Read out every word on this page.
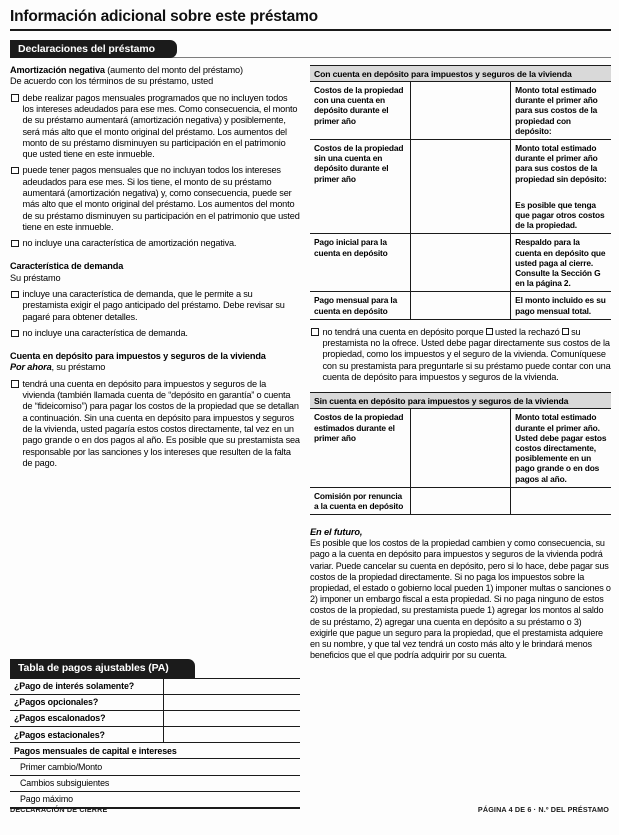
Información adicional sobre este préstamo
Declaraciones del préstamo
Amortización negativa (aumento del monto del préstamo)
De acuerdo con los términos de su préstamo, usted
debe realizar pagos mensuales programados que no incluyen todos los intereses adeudados para ese mes. Como consecuencia, el monto de su préstamo aumentará (amortización negativa) y posiblemente, será más alto que el monto original del préstamo. Los aumentos del monto de su préstamo disminuyen su participación en el patrimonio que usted tiene en este inmueble.
puede tener pagos mensuales que no incluyan todos los intereses adeudados para ese mes. Si los tiene, el monto de su préstamo aumentará (amortización negativa) y, como consecuencia, puede ser más alto que el monto original del préstamo. Los aumentos del monto de su préstamo disminuyen su participación en el patrimonio que usted tiene en este inmueble.
no incluye una característica de amortización negativa.
Característica de demanda
Su préstamo
incluye una característica de demanda, que le permite a su prestamista exigir el pago anticipado del préstamo. Debe revisar su pagaré para obtener detalles.
no incluye una característica de demanda.
Cuenta en depósito para impuestos y seguros de la vivienda
Por ahora, su préstamo
tendrá una cuenta en depósito para impuestos y seguros de la vivienda (también llamada cuenta de “depósito en garantía” o cuenta de “fideicomiso”) para pagar los costos de la propiedad que se detallan a continuación. Sin una cuenta en depósito para impuestos y seguros de la vivienda, usted pagaría estos costos directamente, tal vez en un pago grande o en dos pagos al año. Es posible que su prestamista sea responsable por las sanciones y los intereses que resulten de la falta de pago.
Con cuenta en depósito para impuestos y seguros de la vivienda		
Costos de la propiedad con una cuenta en depósito durante el primer año		Monto total estimado durante el primer año para sus costos de la propiedad con depósito:
Costos de la propiedad sin una cuenta en depósito durante el primer año		Monto total estimado durante el primer año para sus costos de la propiedad sin depósito:
Es posible que tenga que pagar otros costos de la propiedad.
Pago inicial para la cuenta en depósito		Respaldo para la cuenta en depósito que usted paga al cierre. Consulte la Sección G en la página 2.
Pago mensual para la cuenta en depósito		El monto incluido es su pago mensual total.
no tendrá una cuenta en depósito porque usted la rechazó su prestamista no la ofrece. Usted debe pagar directamente sus costos de la propiedad, como los impuestos y el seguro de la vivienda. Comuníquese con su prestamista para preguntarle si su préstamo puede contar con una cuenta de depósito para impuestos y seguros de la vivienda.
Sin cuenta en depósito para impuestos y seguros de la vivienda		
Costos de la propiedad estimados durante el primer año		Monto total estimado durante el primer año. Usted debe pagar estos costos directamente, posiblemente en un pago grande o en dos pagos al año.
Comisión por renuncia a la cuenta en depósito		
En el futuro,
Es posible que los costos de la propiedad cambien y como consecuencia, su pago a la cuenta en depósito para impuestos y seguros de la vivienda podrá variar. Puede cancelar su cuenta en depósito, pero si lo hace, debe pagar sus costos de la propiedad directamente. Si no paga los impuestos sobre la propiedad, el estado o gobierno local pueden 1) imponer multas o sanciones o 2) imponer un embargo fiscal a esta propiedad. Si no paga ninguno de estos costos de la propiedad, su prestamista puede 1) agregar los montos al saldo de su préstamo, 2) agregar una cuenta en depósito a su préstamo o 3) exigirle que pague un seguro para la propiedad, que el prestamista adquiere en su nombre, y que tal vez tendrá un costo más alto y le brindará menos beneficios que el que podría adquirir por su cuenta.
Tabla de pagos ajustables (PA)
¿Pago de interés solamente?	
¿Pagos opcionales?	
¿Pagos escalonados?	
¿Pagos estacionales?	
Pagos mensuales de capital e intereses	
Primer cambio/Monto	
Cambios subsiguientes	
Pago máximo	
DECLARACIÓN DE CIERRE	PÁGINA 4 DE 6 · N.º DEL PRÉSTAMO
